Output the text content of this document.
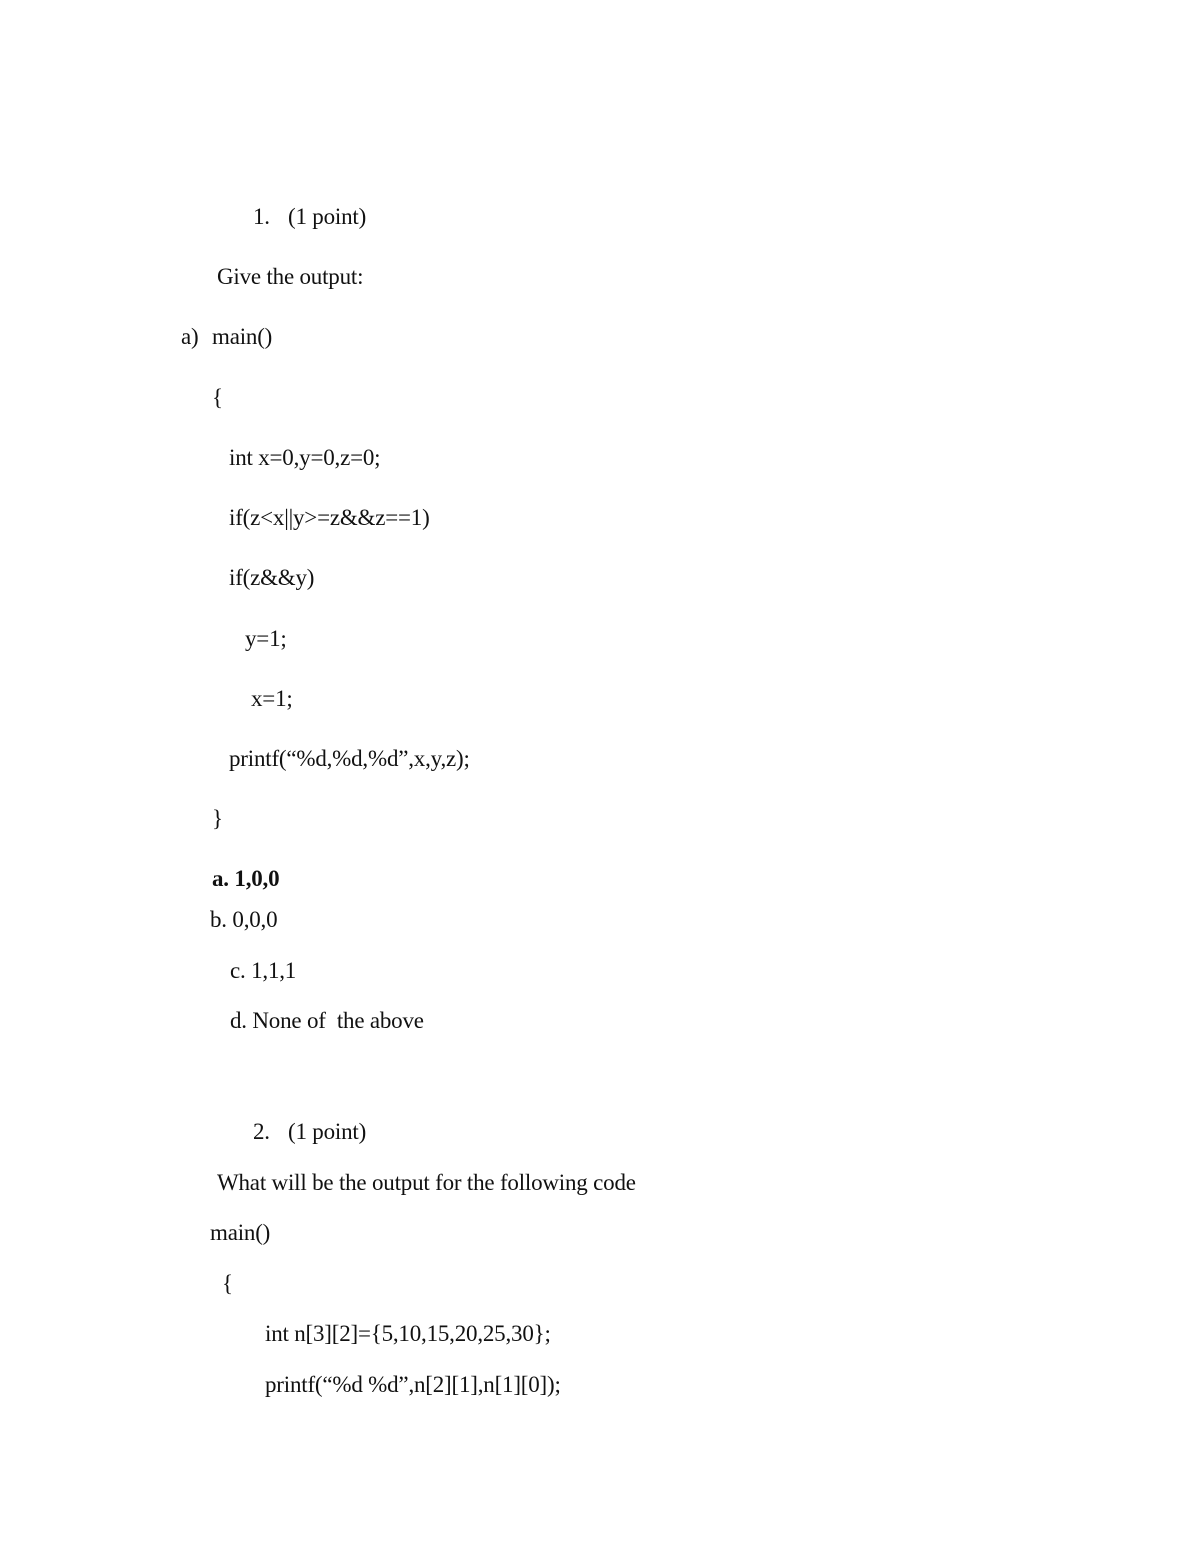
1. (1 point)
Give the output:
a) main()
{
int x=0,y=0,z=0;
if(z<x||y>=z&&z==1)
if(z&&y)
y=1;
x=1;
printf(“%d,%d,%d”,x,y,z);
}
a. 1,0,0
b. 0,0,0
c. 1,1,1
d. None of  the above
2. (1 point)
What will be the output for the following code
main()
{
int n[3][2]={5,10,15,20,25,30};
printf(“%d %d”,n[2][1],n[1][0]);
